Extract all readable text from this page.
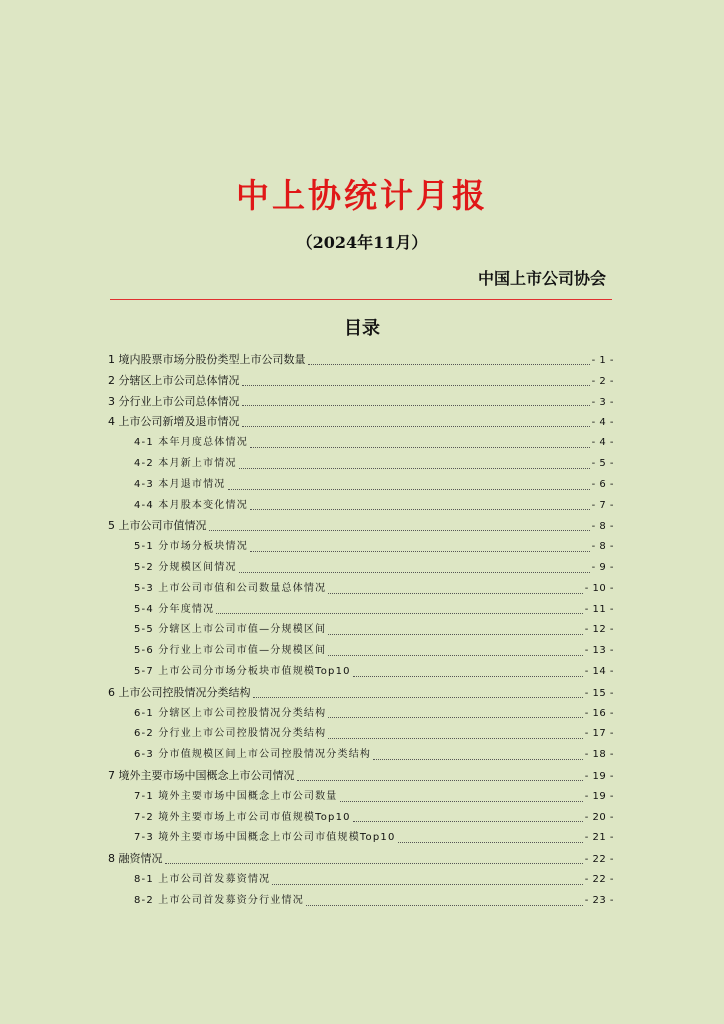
中上协统计月报
（2024年11月）
中国上市公司协会
目录
1 境内股票市场分股份类型上市公司数量	- 1 -
2 分辖区上市公司总体情况	- 2 -
3 分行业上市公司总体情况	- 3 -
4 上市公司新增及退市情况	- 4 -
4-1 本年月度总体情况	- 4 -
4-2 本月新上市情况	- 5 -
4-3 本月退市情况	- 6 -
4-4 本月股本变化情况	- 7 -
5 上市公司市值情况	- 8 -
5-1 分市场分板块情况	- 8 -
5-2 分规模区间情况	- 9 -
5-3 上市公司市值和公司数量总体情况	- 10 -
5-4 分年度情况	- 11 -
5-5 分辖区上市公司市值—分规模区间	- 12 -
5-6 分行业上市公司市值—分规模区间	- 13 -
5-7 上市公司分市场分板块市值规模Top10	- 14 -
6 上市公司控股情况分类结构	- 15 -
6-1 分辖区上市公司控股情况分类结构	- 16 -
6-2 分行业上市公司控股情况分类结构	- 17 -
6-3 分市值规模区间上市公司控股情况分类结构	- 18 -
7 境外主要市场中国概念上市公司情况	- 19 -
7-1 境外主要市场中国概念上市公司数量	- 19 -
7-2 境外主要市场上市公司市值规模Top10	- 20 -
7-3 境外主要市场中国概念上市公司市值规模Top10	- 21 -
8 融资情况	- 22 -
8-1 上市公司首发募资情况	- 22 -
8-2 上市公司首发募资分行业情况	- 23 -
